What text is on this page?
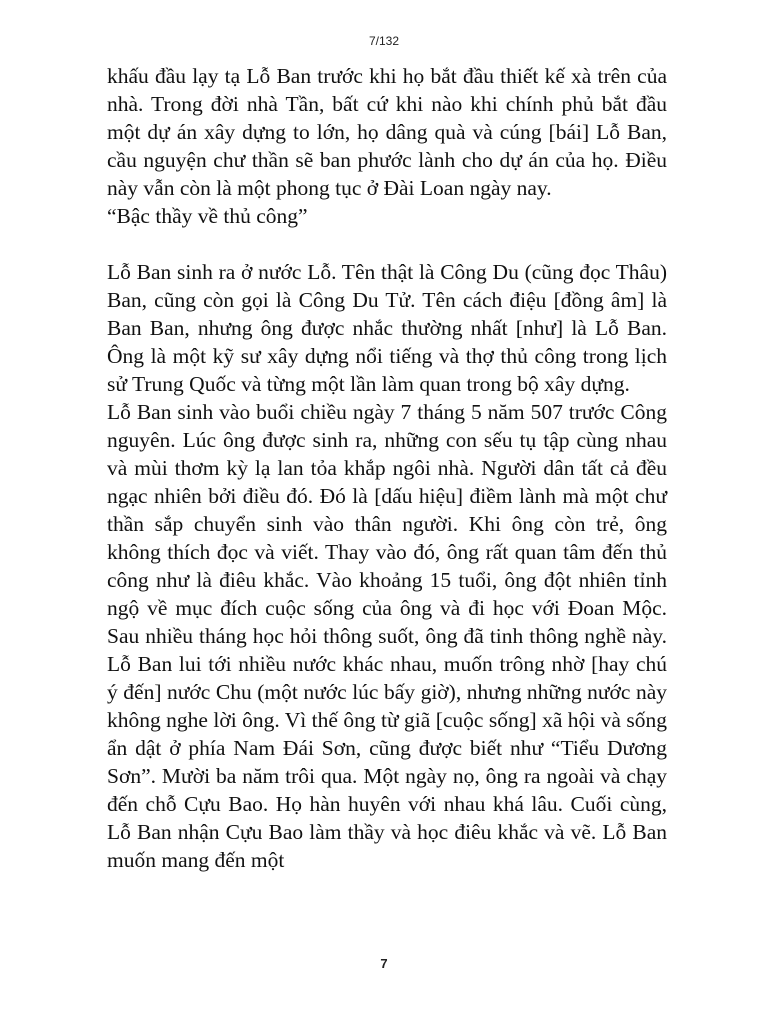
7/132

khấu đầu lạy tạ Lỗ Ban trước khi họ bắt đầu thiết kế xà trên của nhà. Trong đời nhà Tần, bất cứ khi nào khi chính phủ bắt đầu một dự án xây dựng to lớn, họ dâng quà và cúng [bái] Lỗ Ban, cầu nguyện chư thần sẽ ban phước lành cho dự án của họ. Điều này vẫn còn là một phong tục ở Đài Loan ngày nay.

“Bậc thầy về thủ công”

Lỗ Ban sinh ra ở nước Lỗ. Tên thật là Công Du (cũng đọc Thâu) Ban, cũng còn gọi là Công Du Tử. Tên cách điệu [đồng âm] là Ban Ban, nhưng ông được nhắc thường nhất [như] là Lỗ Ban. Ông là một kỹ sư xây dựng nổi tiếng và thợ thủ công trong lịch sử Trung Quốc và từng một lần làm quan trong bộ xây dựng.

Lỗ Ban sinh vào buổi chiều ngày 7 tháng 5 năm 507 trước Công nguyên. Lúc ông được sinh ra, những con sếu tụ tập cùng nhau và mùi thơm kỳ lạ lan tỏa khắp ngôi nhà. Người dân tất cả đều ngạc nhiên bởi điều đó. Đó là [dấu hiệu] điềm lành mà một chư thần sắp chuyển sinh vào thân người. Khi ông còn trẻ, ông không thích đọc và viết. Thay vào đó, ông rất quan tâm đến thủ công như là điêu khắc. Vào khoảng 15 tuổi, ông đột nhiên tỉnh ngộ về mục đích cuộc sống của ông và đi học với Đoan Mộc. Sau nhiều tháng học hỏi thông suốt, ông đã tinh thông nghề này. Lỗ Ban lui tới nhiều nước khác nhau, muốn trông nhờ [hay chú ý đến] nước Chu (một nước lúc bấy giờ), nhưng những nước này không nghe lời ông. Vì thế ông từ giã [cuộc sống] xã hội và sống ẩn dật ở phía Nam Đái Sơn, cũng được biết như “Tiểu Dương Sơn”. Mười ba năm trôi qua. Một ngày nọ, ông ra ngoài và chạy đến chỗ Cựu Bao. Họ hàn huyên với nhau khá lâu. Cuối cùng, Lỗ Ban nhận Cựu Bao làm thầy và học điêu khắc và vẽ. Lỗ Ban muốn mang đến một

7
